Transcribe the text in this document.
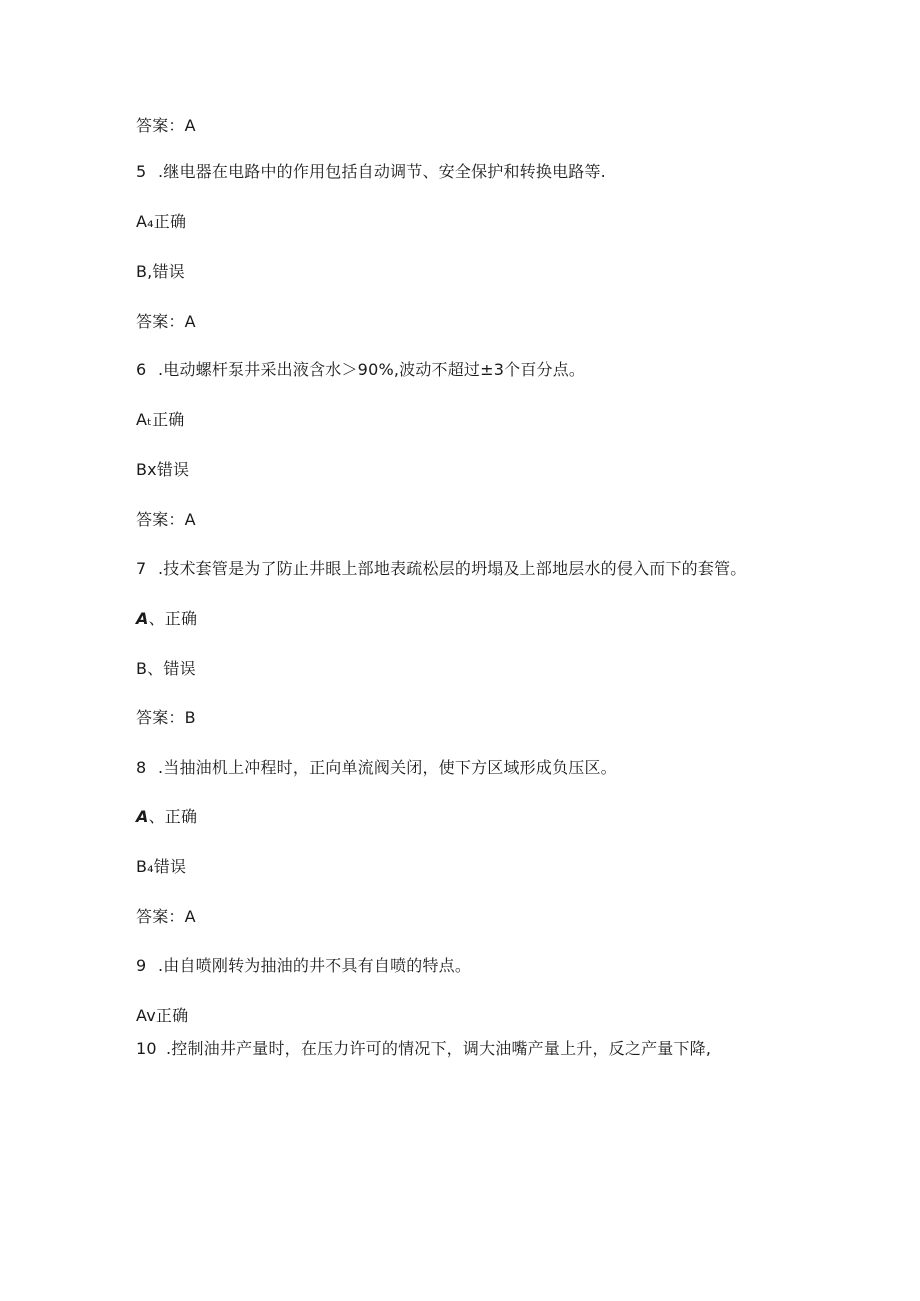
答案：A
5 .继电器在电路中的作用包括自动调节、安全保护和转换电路等.
A₄正确
B,错误
答案：A
6 .电动螺杆泵井采出液含水＞90%,波动不超过±3个百分点。
Aₜ正确
Bx错误
答案：A
7 .技术套管是为了防止井眼上部地表疏松层的坍塌及上部地层水的侵入而下的套管。
A、正确
B、错误
答案：B
8 .当抽油机上冲程时，正向单流阀关闭，使下方区域形成负压区。
A、正确
B₄错误
答案：A
9 .由自喷刚转为抽油的井不具有自喷的特点。
Av正确
10 .控制油井产量时，在压力许可的情况下，调大油嘴产量上升，反之产量下降,
